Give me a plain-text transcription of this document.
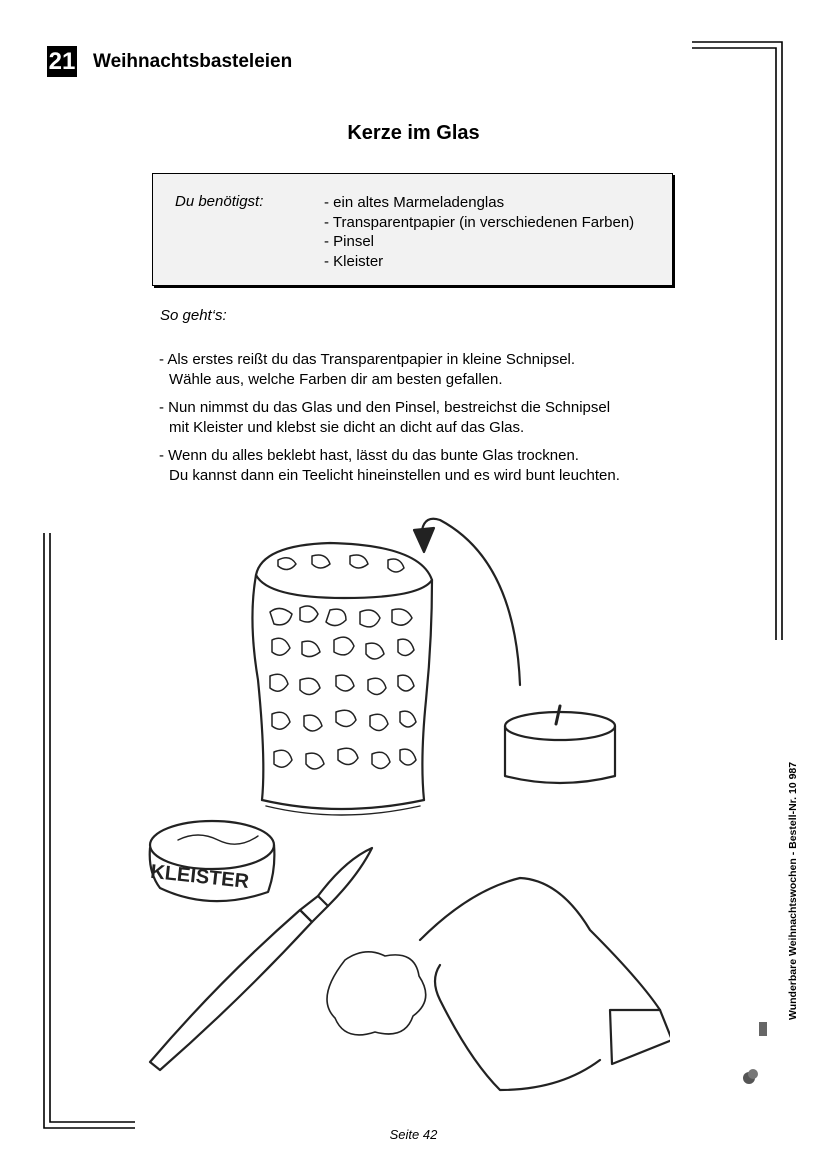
21 Weihnachtsbasteleien
Kerze im Glas
Du benötigst:	- ein altes Marmeladenglas
- Transparentpapier (in verschiedenen Farben)
- Pinsel
- Kleister
So geht‘s:
- Als erstes reißt du das Transparentpapier in kleine Schnipsel.
Wähle aus, welche Farben dir am besten gefallen.
- Nun nimmst du das Glas und den Pinsel, bestreichst die Schnipsel
mit Kleister und klebst sie dicht an dicht auf das Glas.
- Wenn du alles beklebt hast, lässt du das bunte Glas trocknen.
Du kannst dann ein Teelicht hineinstellen und es wird bunt leuchten.
KLEISTER
Seite 42
Wunderbare Weihnachtswochen - Bestell-Nr. 10 987
